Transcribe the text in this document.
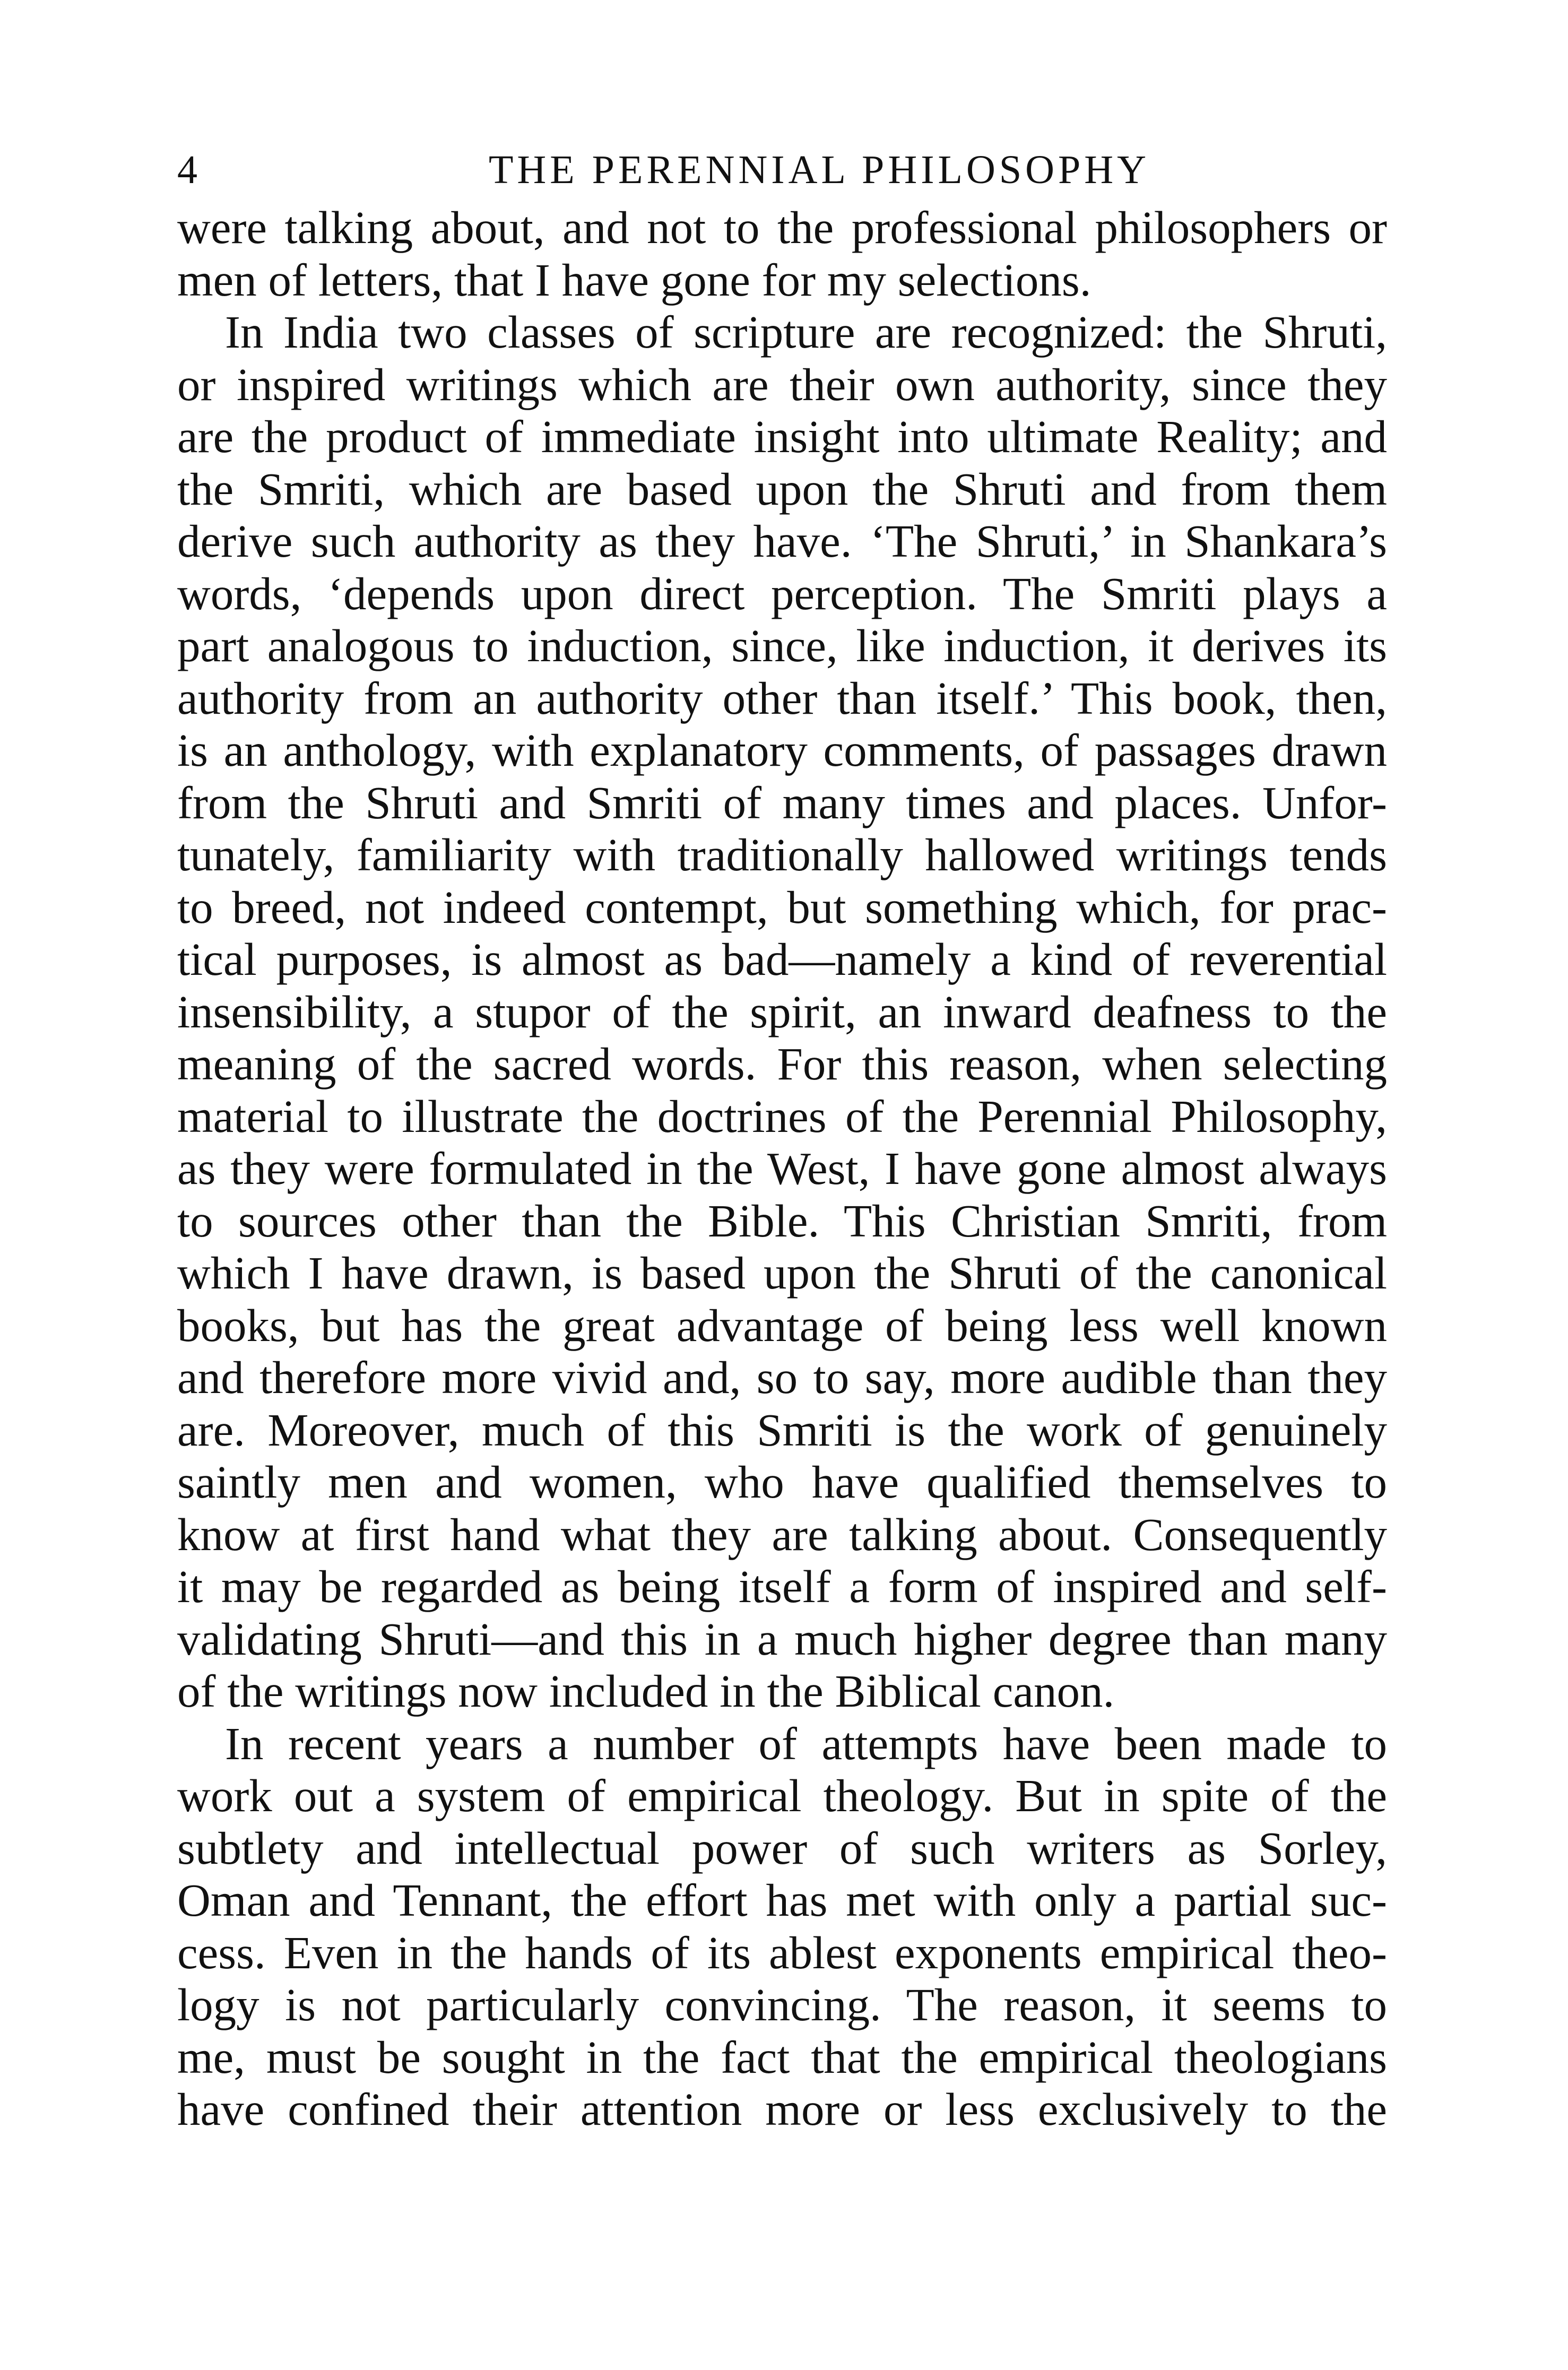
4	THE PERENNIAL PHILOSOPHY
were talking about, and not to the professional philosophers or
men of letters, that I have gone for my selections.
In India two classes of scripture are recognized: the Shruti,
or inspired writings which are their own authority, since they
are the product of immediate insight into ultimate Reality; and
the Smriti, which are based upon the Shruti and from them
derive such authority as they have. ‘The Shruti,’ in Shankara’s
words, ‘depends upon direct perception. The Smriti plays a
part analogous to induction, since, like induction, it derives its
authority from an authority other than itself.’ This book, then,
is an anthology, with explanatory comments, of passages drawn
from the Shruti and Smriti of many times and places. Unfor-
tunately, familiarity with traditionally hallowed writings tends
to breed, not indeed contempt, but something which, for prac-
tical purposes, is almost as bad—namely a kind of reverential
insensibility, a stupor of the spirit, an inward deafness to the
meaning of the sacred words. For this reason, when selecting
material to illustrate the doctrines of the Perennial Philosophy,
as they were formulated in the West, I have gone almost always
to sources other than the Bible. This Christian Smriti, from
which I have drawn, is based upon the Shruti of the canonical
books, but has the great advantage of being less well known
and therefore more vivid and, so to say, more audible than they
are. Moreover, much of this Smriti is the work of genuinely
saintly men and women, who have qualified themselves to
know at first hand what they are talking about. Consequently
it may be regarded as being itself a form of inspired and self-
validating Shruti—and this in a much higher degree than many
of the writings now included in the Biblical canon.
In recent years a number of attempts have been made to
work out a system of empirical theology. But in spite of the
subtlety and intellectual power of such writers as Sorley,
Oman and Tennant, the effort has met with only a partial suc-
cess. Even in the hands of its ablest exponents empirical theo-
logy is not particularly convincing. The reason, it seems to
me, must be sought in the fact that the empirical theologians
have confined their attention more or less exclusively to the
